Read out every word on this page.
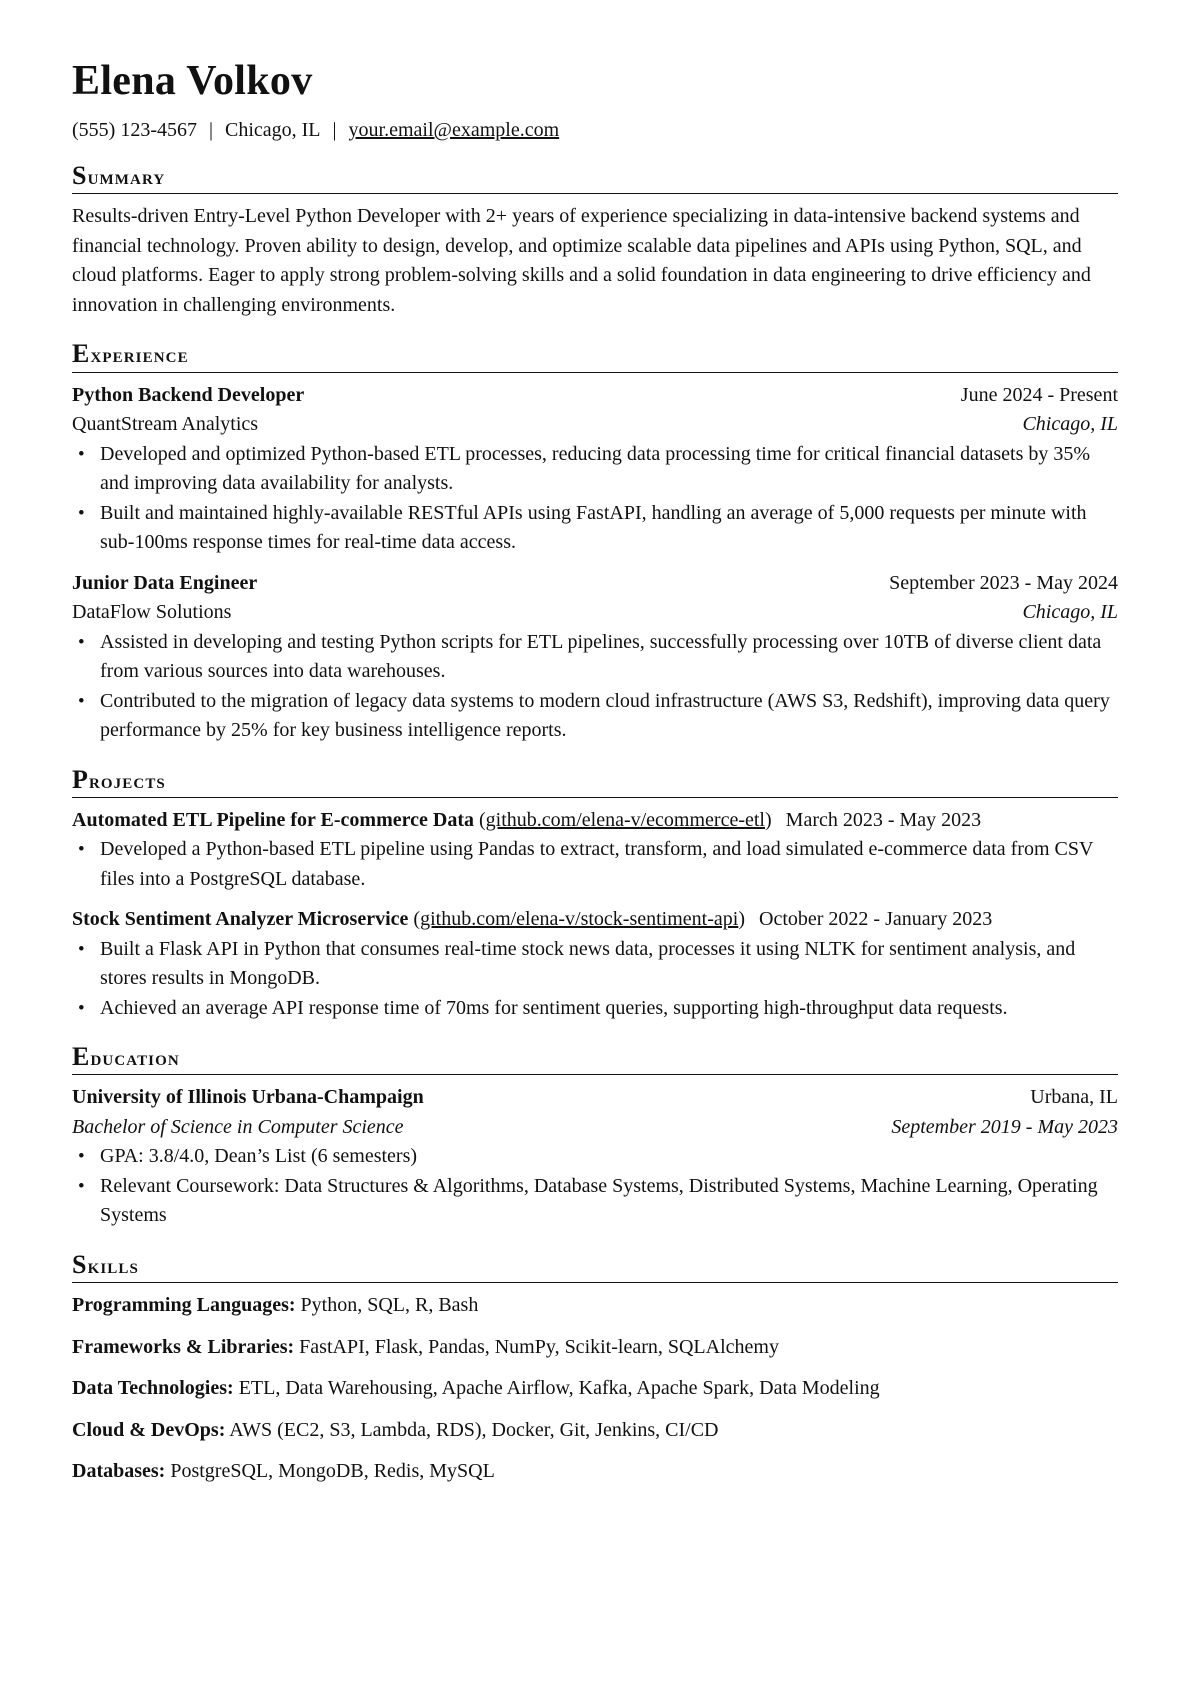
Elena Volkov
(555) 123-4567 | Chicago, IL | your.email@example.com
Summary
Results-driven Entry-Level Python Developer with 2+ years of experience specializing in data-intensive backend systems and financial technology. Proven ability to design, develop, and optimize scalable data pipelines and APIs using Python, SQL, and cloud platforms. Eager to apply strong problem-solving skills and a solid foundation in data engineering to drive efficiency and innovation in challenging environments.
Experience
Python Backend Developer	June 2024 - Present
QuantStream Analytics	Chicago, IL
• Developed and optimized Python-based ETL processes, reducing data processing time for critical financial datasets by 35% and improving data availability for analysts.
• Built and maintained highly-available RESTful APIs using FastAPI, handling an average of 5,000 requests per minute with sub-100ms response times for real-time data access.
Junior Data Engineer	September 2023 - May 2024
DataFlow Solutions	Chicago, IL
• Assisted in developing and testing Python scripts for ETL pipelines, successfully processing over 10TB of diverse client data from various sources into data warehouses.
• Contributed to the migration of legacy data systems to modern cloud infrastructure (AWS S3, Redshift), improving data query performance by 25% for key business intelligence reports.
Projects
Automated ETL Pipeline for E-commerce Data (github.com/elena-v/ecommerce-etl) March 2023 - May 2023
• Developed a Python-based ETL pipeline using Pandas to extract, transform, and load simulated e-commerce data from CSV files into a PostgreSQL database.
Stock Sentiment Analyzer Microservice (github.com/elena-v/stock-sentiment-api) October 2022 - January 2023
• Built a Flask API in Python that consumes real-time stock news data, processes it using NLTK for sentiment analysis, and stores results in MongoDB.
• Achieved an average API response time of 70ms for sentiment queries, supporting high-throughput data requests.
Education
University of Illinois Urbana-Champaign	Urbana, IL
Bachelor of Science in Computer Science	September 2019 - May 2023
• GPA: 3.8/4.0, Dean’s List (6 semesters)
• Relevant Coursework: Data Structures & Algorithms, Database Systems, Distributed Systems, Machine Learning, Operating Systems
Skills
Programming Languages: Python, SQL, R, Bash
Frameworks & Libraries: FastAPI, Flask, Pandas, NumPy, Scikit-learn, SQLAlchemy
Data Technologies: ETL, Data Warehousing, Apache Airflow, Kafka, Apache Spark, Data Modeling
Cloud & DevOps: AWS (EC2, S3, Lambda, RDS), Docker, Git, Jenkins, CI/CD
Databases: PostgreSQL, MongoDB, Redis, MySQL
